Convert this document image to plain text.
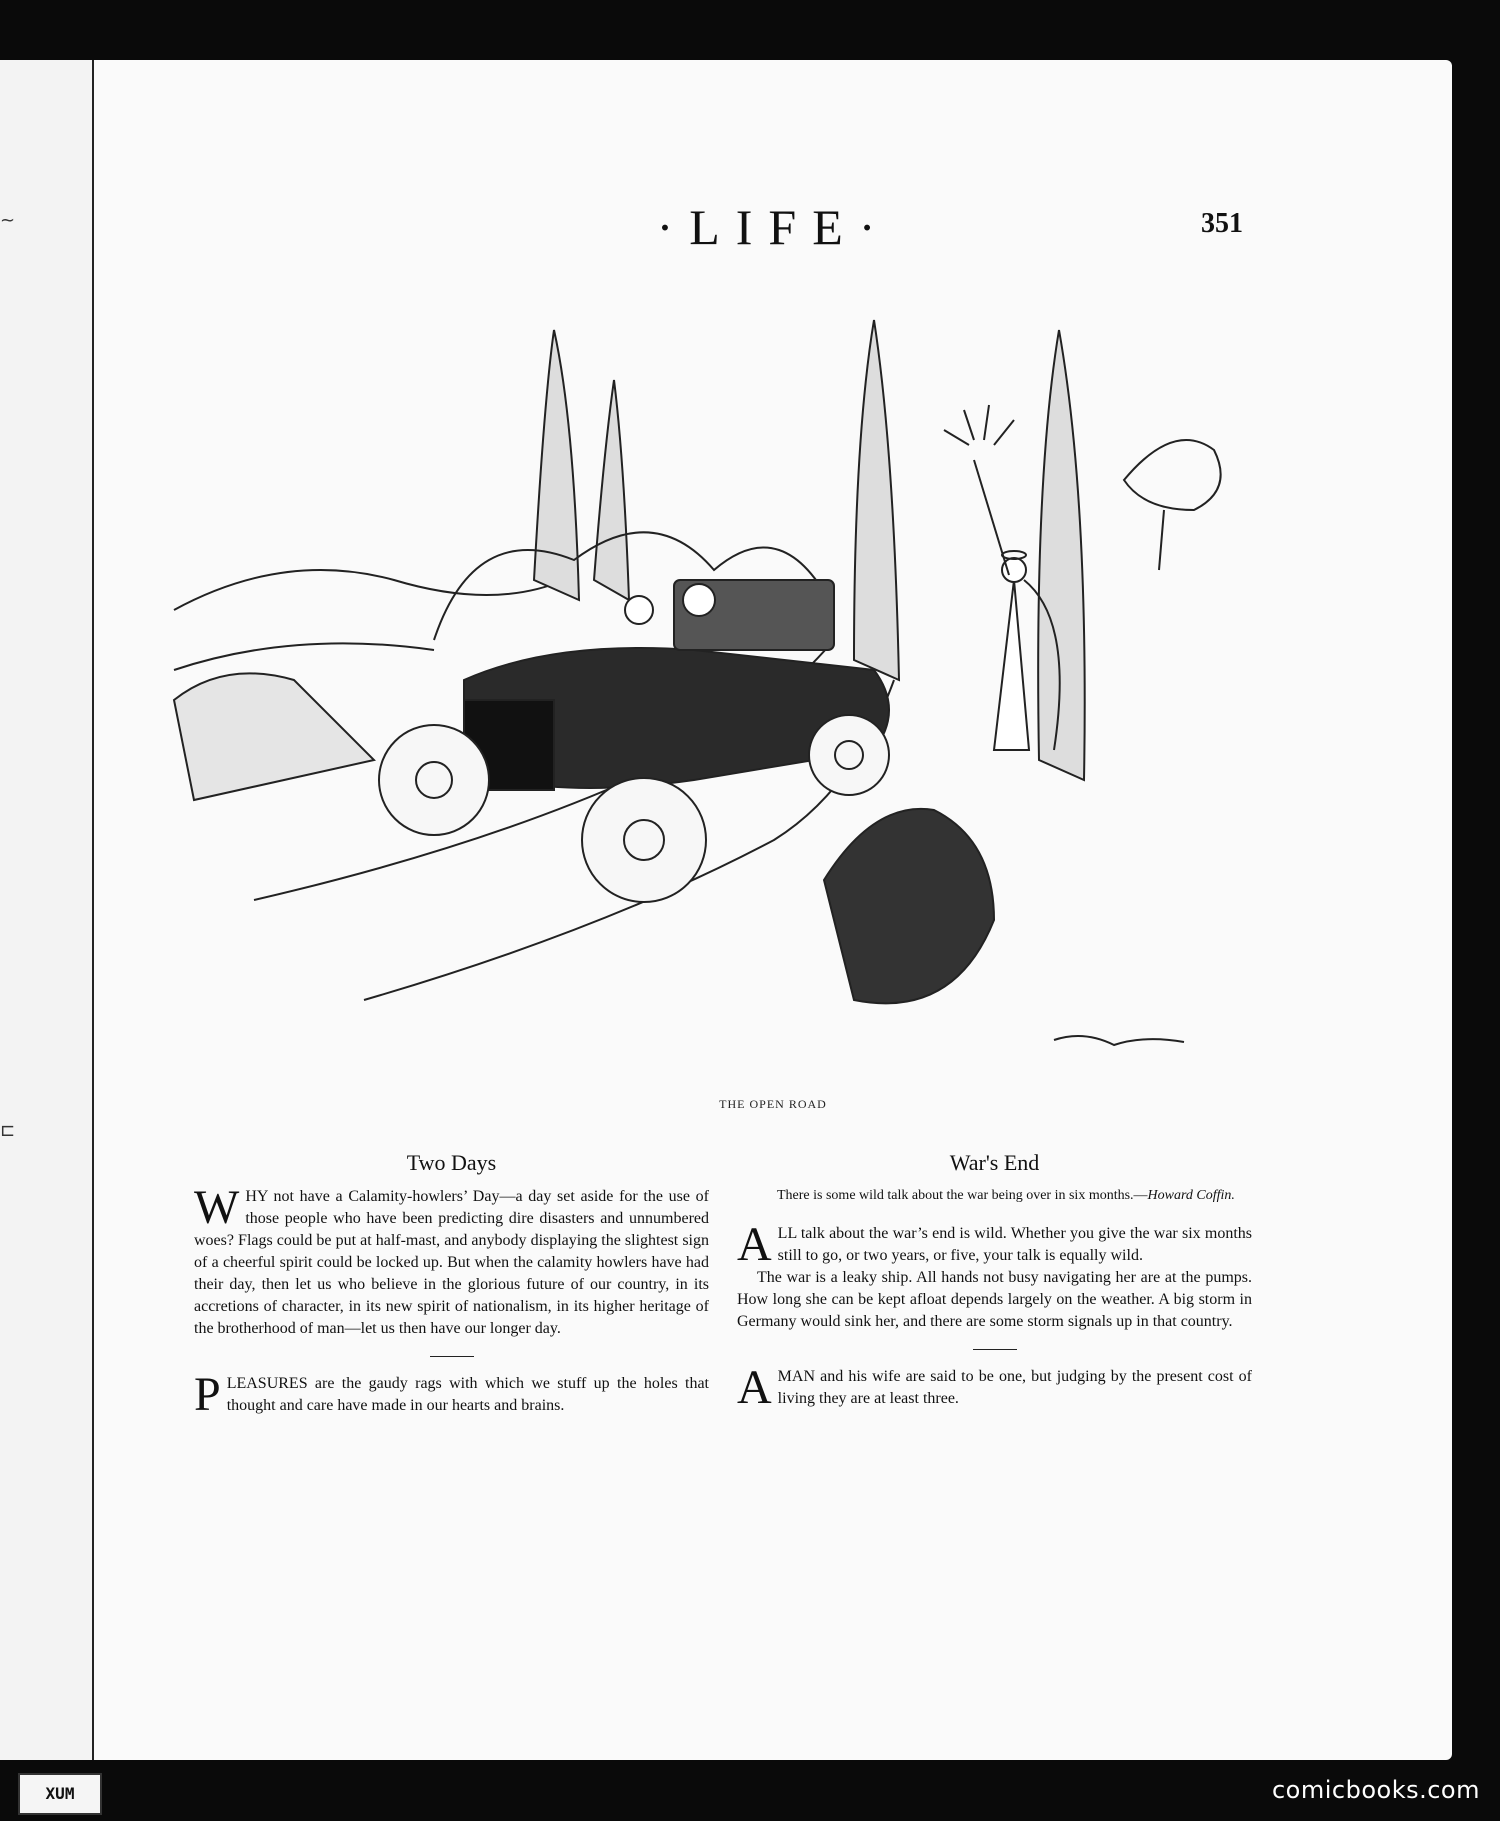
~
⊏
·LIFE·	351
THE OPEN ROAD
Two Days

WHY not have a Calamity-howlers’ Day—a day set aside for the use of those people who have been predicting dire disasters and unnumbered woes? Flags could be put at half-mast, and anybody displaying the slightest sign of a cheerful spirit could be locked up. But when the calamity howlers have had their day, then let us who believe in the glorious future of our country, in its accretions of character, in its new spirit of nationalism, in its higher heritage of the brotherhood of man—let us then have our longer day.

PLEASURES are the gaudy rags with which we stuff up the holes that thought and care have made in our hearts and brains.

War's End

There is some wild talk about the war being over in six months.—Howard Coffin.

ALL talk about the war’s end is wild. Whether you give the war six months still to go, or two years, or five, your talk is equally wild.

The war is a leaky ship. All hands not busy navigating her are at the pumps. How long she can be kept afloat depends largely on the weather. A big storm in Germany would sink her, and there are some storm signals up in that country.

AMAN and his wife are said to be one, but judging by the present cost of living they are at least three.

XUM	comicbooks.com
